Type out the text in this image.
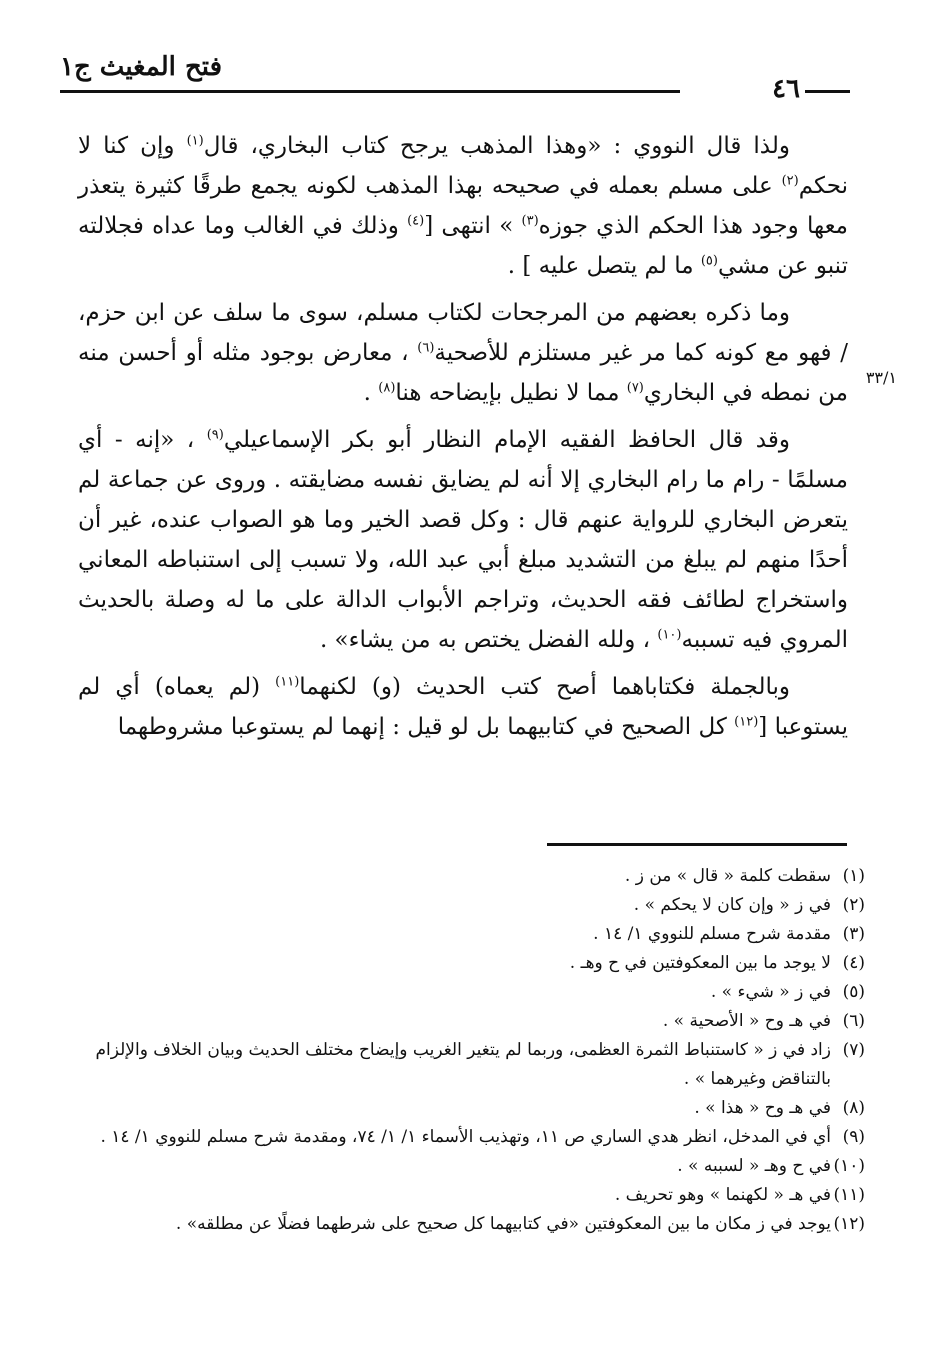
٤٦
فتح المغيث ج١
٣٣/١

ولذا قال النووي : «وهذا المذهب يرجح كتاب البخاري، قال$^{(١)}$ وإن كنا لا نحكم$^{(٢)}$ على مسلم بعمله في صحيحه بهذا المذهب لكونه يجمع طرقًا كثيرة يتعذر معها وجود هذا الحكم الذي جوزه$^{(٣)}$ » انتهى [$^{(٤)}$ وذلك في الغالب وما عداه فجلالته تنبو عن مشي$^{(٥)}$ ما لم يتصل عليه ] .

وما ذكره بعضهم من المرجحات لكتاب مسلم، سوى ما سلف عن ابن حزم، / فهو مع كونه كما مر غير مستلزم للأصحية$^{(٦)}$ ، معارض بوجود مثله أو أحسن منه من نمطه في البخاري$^{(٧)}$ مما لا نطيل بإيضاحه هنا$^{(٨)}$ .

وقد قال الحافظ الفقيه الإمام النظار أبو بكر الإسماعيلي$^{(٩)}$ ، «إنه - أي مسلمًا - رام ما رام البخاري إلا أنه لم يضايق نفسه مضايقته . وروى عن جماعة لم يتعرض البخاري للرواية عنهم قال : وكل قصد الخير وما هو الصواب عنده، غير أن أحدًا منهم لم يبلغ من التشديد مبلغ أبي عبد الله، ولا تسبب إلى استنباطه المعاني واستخراج لطائف فقه الحديث، وتراجم الأبواب الدالة على ما له وصلة بالحديث المروي فيه تسببه$^{(١٠)}$ ، ولله الفضل يختص به من يشاء» .

وبالجملة فكتاباهما أصح كتب الحديث (و) لكنهما$^{(١١)}$ (لم يعماه) أي لم يستوعبا [$^{(١٢)}$ كل الصحيح في كتابيهما بل لو قيل : إنهما لم يستوعبا مشروطهما

(١)
سقطت كلمة « قال » من ز .
(٢)
في ز « وإن كان لا يحكم » .
(٣)
مقدمة شرح مسلم للنووي ١/ ١٤ .
(٤)
لا يوجد ما بين المعكوفتين في ح وهـ .
(٥)
في ز « شيء » .
(٦)
في هـ وح « الأصحية » .
(٧)
زاد في ز « كاستنباط الثمرة العظمى، وربما لم يتغير الغريب وإيضاح مختلف الحديث وبيان الخلاف والإلزام بالتناقض وغيرهما » .
(٨)
في هـ وح « هذا » .
(٩)
أي في المدخل، انظر هدي الساري ص ١١، وتهذيب الأسماء ١/ ١/ ٧٤، ومقدمة شرح مسلم للنووي ١/ ١٤ .
(١٠)
في ح وهـ « لسببه » .
(١١)
في هـ « لكهنما » وهو تحريف .
(١٢)
يوجد في ز مكان ما بين المعكوفتين «في كتابيهما كل صحيح على شرطهما فضلًا عن مطلقه» .
